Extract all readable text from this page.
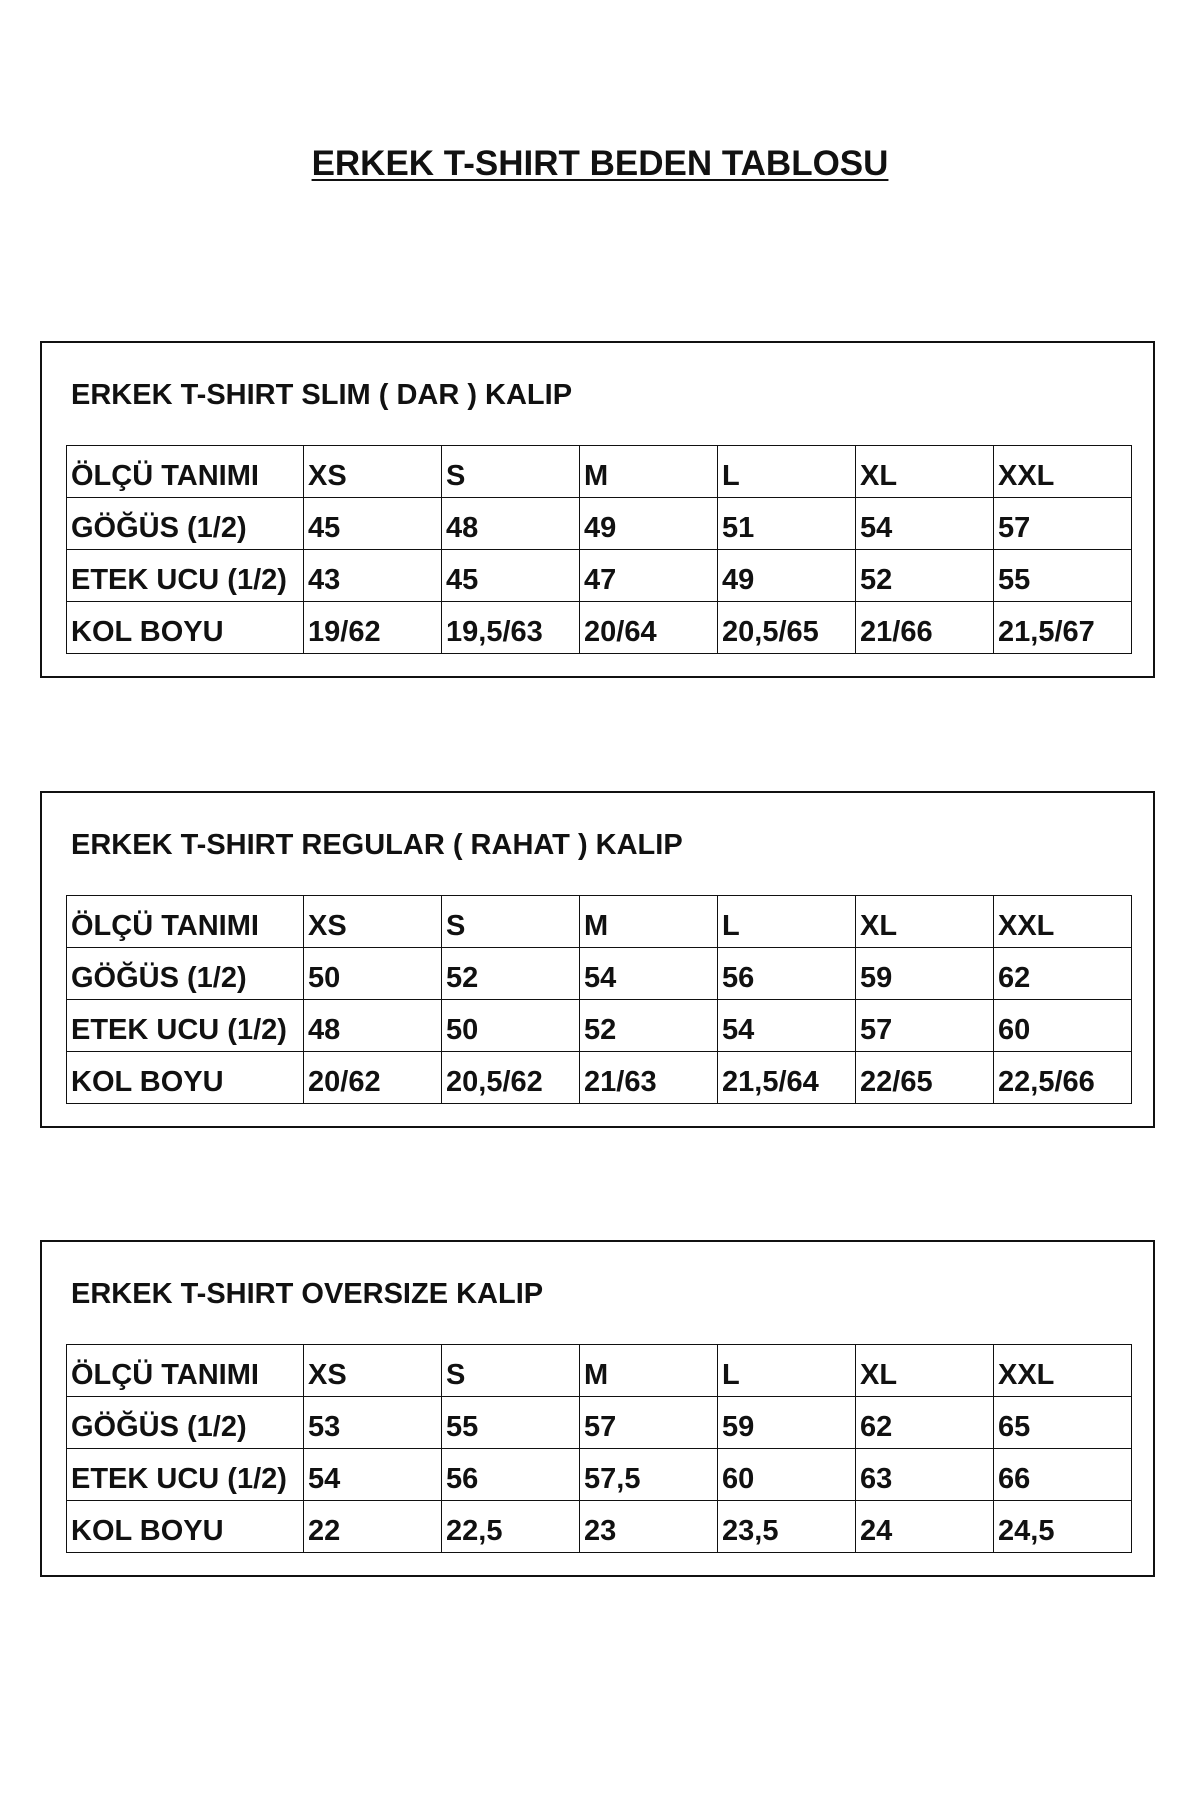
ERKEK T-SHIRT BEDEN TABLOSU
ERKEK T-SHIRT SLIM ( DAR ) KALIP
ÖLÇÜ TANIMI	XS	S	M	L	XL	XXL
GÖĞÜS (1/2)	45	48	49	51	54	57
ETEK UCU (1/2)	43	45	47	49	52	55
KOL BOYU	19/62	19,5/63	20/64	20,5/65	21/66	21,5/67
ERKEK T-SHIRT REGULAR ( RAHAT ) KALIP
ÖLÇÜ TANIMI	XS	S	M	L	XL	XXL
GÖĞÜS (1/2)	50	52	54	56	59	62
ETEK UCU (1/2)	48	50	52	54	57	60
KOL BOYU	20/62	20,5/62	21/63	21,5/64	22/65	22,5/66
ERKEK T-SHIRT OVERSIZE KALIP
ÖLÇÜ TANIMI	XS	S	M	L	XL	XXL
GÖĞÜS (1/2)	53	55	57	59	62	65
ETEK UCU (1/2)	54	56	57,5	60	63	66
KOL BOYU	22	22,5	23	23,5	24	24,5
